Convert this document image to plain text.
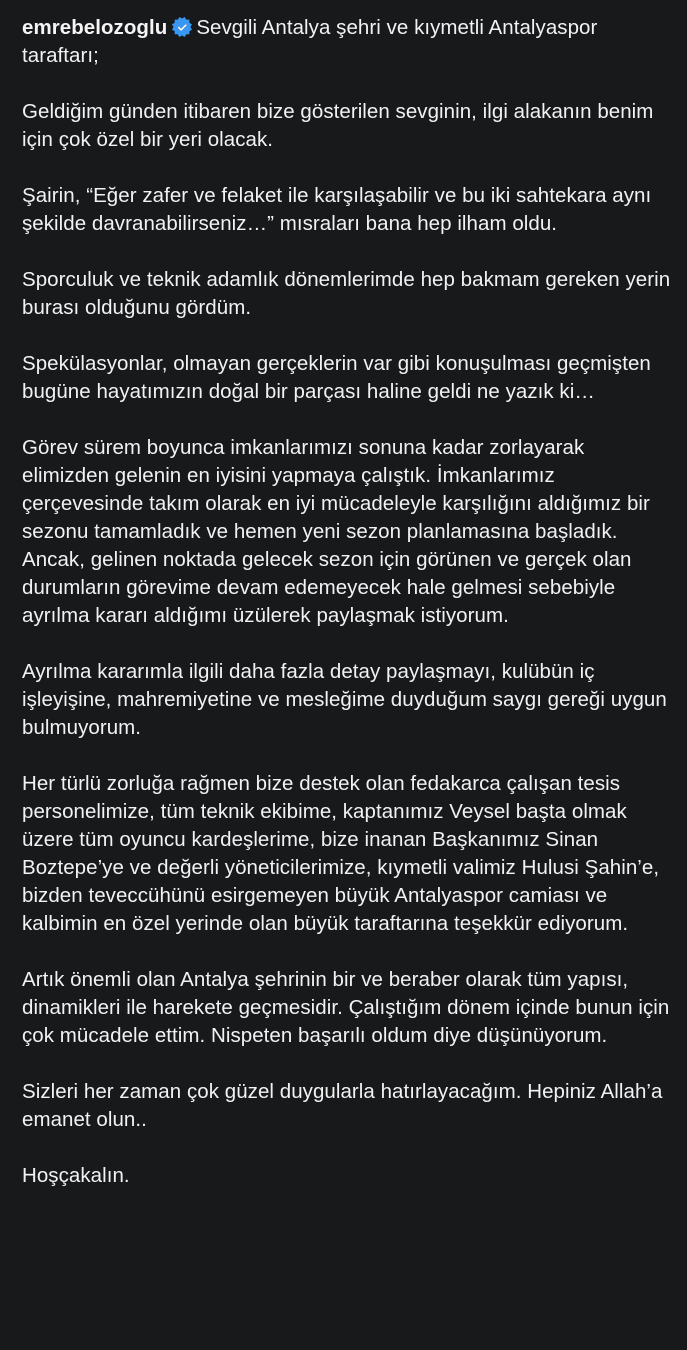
emrebelozoglu Sevgili Antalya şehri ve kıymetli Antalyaspor taraftarı;

Geldiğim günden itibaren bize gösterilen sevginin, ilgi alakanın benim için çok özel bir yeri olacak.

Şairin, “Eğer zafer ve felaket ile karşılaşabilir ve bu iki sahtekara aynı şekilde davranabilirseniz…” mısraları bana hep ilham oldu.

Sporculuk ve teknik adamlık dönemlerimde hep bakmam gereken yerin burası olduğunu gördüm.

Spekülasyonlar, olmayan gerçeklerin var gibi konuşulması geçmişten bugüne hayatımızın doğal bir parçası haline geldi ne yazık ki…

Görev sürem boyunca imkanlarımızı sonuna kadar zorlayarak elimizden gelenin en iyisini yapmaya çalıştık. İmkanlarımız çerçevesinde takım olarak en iyi mücadeleyle karşılığını aldığımız bir sezonu tamamladık ve hemen yeni sezon planlamasına başladık. Ancak, gelinen noktada gelecek sezon için görünen ve gerçek olan durumların görevime devam edemeyecek hale gelmesi sebebiyle ayrılma kararı aldığımı üzülerek paylaşmak istiyorum.

Ayrılma kararımla ilgili daha fazla detay paylaşmayı, kulübün iç işleyişine, mahremiyetine ve mesleğime duyduğum saygı gereği uygun bulmuyorum.

Her türlü zorluğa rağmen bize destek olan fedakarca çalışan tesis personelimize, tüm teknik ekibime, kaptanımız Veysel başta olmak üzere tüm oyuncu kardeşlerime, bize inanan Başkanımız Sinan Boztepe’ye ve değerli yöneticilerimize, kıymetli valimiz Hulusi Şahin’e, bizden teveccühünü esirgemeyen büyük Antalyaspor camiası ve kalbimin en özel yerinde olan büyük taraftarına teşekkür ediyorum.

Artık önemli olan Antalya şehrinin bir ve beraber olarak tüm yapısı, dinamikleri ile harekete geçmesidir. Çalıştığım dönem içinde bunun için çok mücadele ettim. Nispeten başarılı oldum diye düşünüyorum.

Sizleri her zaman çok güzel duygularla hatırlayacağım. Hepiniz Allah’a emanet olun..

Hoşçakalın.
